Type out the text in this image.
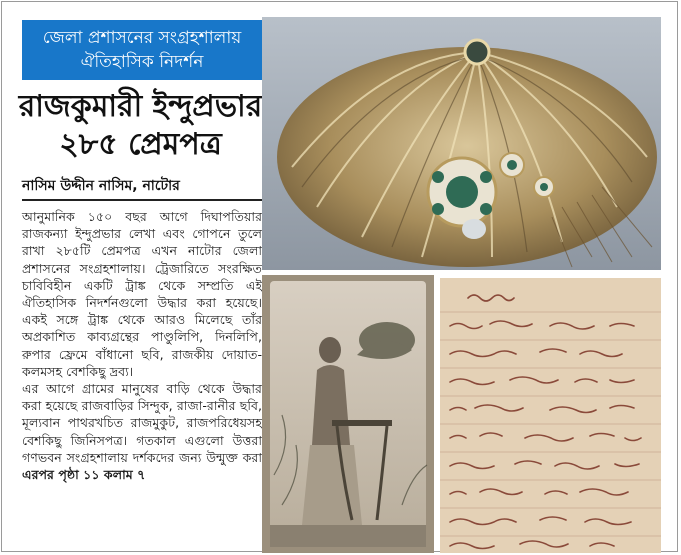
জেলা প্রশাসনের সংগ্রহশালায়
ঐতিহাসিক নিদর্শন
রাজকুমারী ইন্দুপ্রভার
২৮৫ প্রেমপত্র
নাসিম উদ্দীন নাসিম, নাটোর

আনুমানিক ১৫০ বছর আগে দিঘাপতিয়ার রাজকন্যা ইন্দুপ্রভার লেখা এবং গোপনে তুলে রাখা ২৮৫টি প্রেমপত্র এখন নাটোর জেলা প্রশাসনের সংগ্রহশালায়। ট্রেজারিতে সংরক্ষিত চাবিবিহীন একটি ট্রাঙ্ক থেকে সম্প্রতি এই ঐতিহাসিক নিদর্শনগুলো উদ্ধার করা হয়েছে। একই সঙ্গে ট্রাঙ্ক থেকে আরও মিলেছে তাঁর অপ্রকাশিত কাব্যগ্রন্থের পাণ্ডুলিপি, দিনলিপি, রুপার ফ্রেমে বাঁধানো ছবি, রাজকীয় দোয়াত-কলমসহ বেশকিছু দ্রব্য।

এর আগে গ্রামের মানুষের বাড়ি থেকে উদ্ধার করা হয়েছে রাজবাড়ির সিন্দুক, রাজা-রানীর ছবি, মূল্যবান পাথরখচিত রাজমুকুট, রাজপরিধেয়সহ বেশকিছু জিনিসপত্র। গতকাল এগুলো উত্তরা গণভবন সংগ্রহশালায় দর্শকদের জন্য উন্মুক্ত করা এরপর পৃষ্ঠা ১১ কলাম ৭
